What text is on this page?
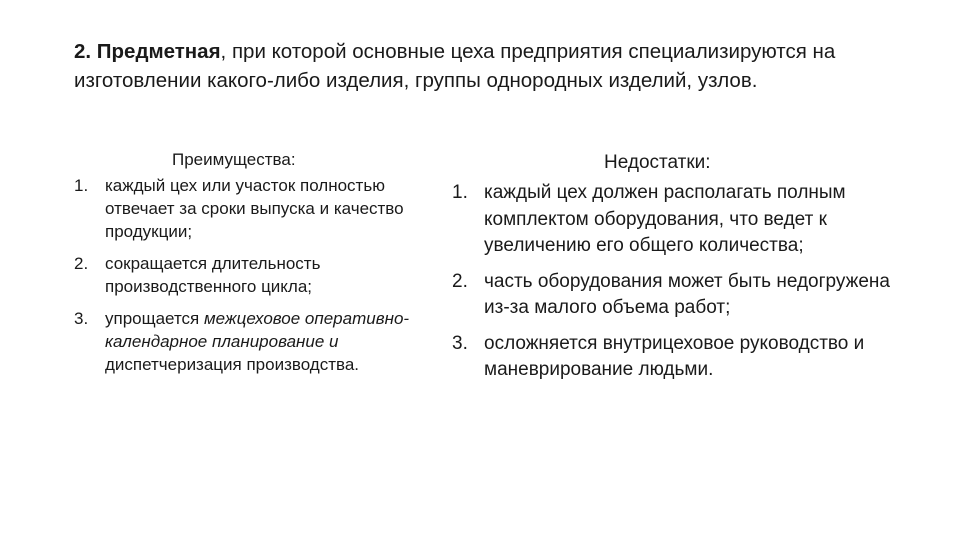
2. Предметная, при которой основные цеха предприятия специализируются на изготовлении какого-либо изделия, группы однородных изделий, узлов.
Преимущества:
1. каждый цех или участок полностью отвечает за сроки выпуска и качество продукции;
2. сокращается длительность производственного цикла;
3. упрощается межцеховое оперативно-календарное планирование и диспетчеризация производства.
Недостатки:
1. каждый цех должен располагать полным комплектом оборудования, что ведет к увеличению его общего количества;
2. часть оборудования может быть недогружена из-за малого объема работ;
3. осложняется внутрицеховое руководство и маневрирование людьми.
